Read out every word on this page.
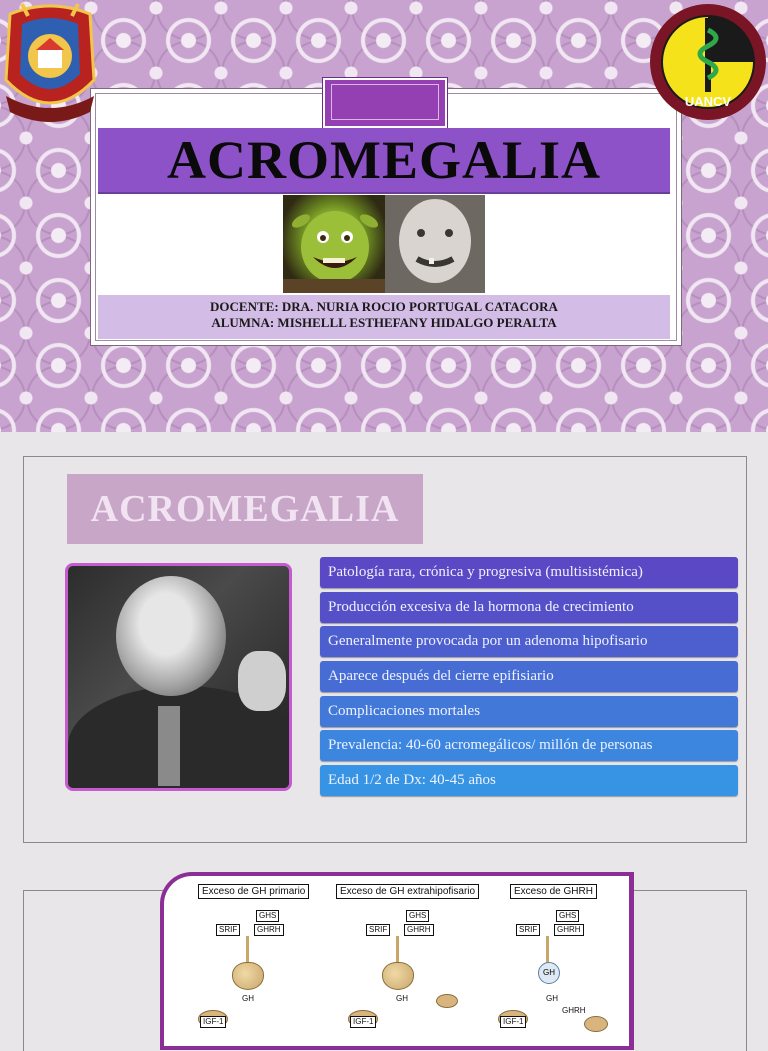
ACROMEGALIA
DOCENTE: DRA. NURIA ROCIO PORTUGAL CATACORA
ALUMNA: MISHELLL ESTHEFANY HIDALGO PERALTA
UANCV
ACROMEGALIA
Patología rara, crónica y progresiva (multisistémica)
Producción excesiva de la hormona de crecimiento
Generalmente provocada por un adenoma hipofisario
Aparece después del cierre epifisiario
Complicaciones mortales
Prevalencia: 40-60 acromegálicos/ millón de personas
Edad 1/2 de Dx: 40-45 años
Exceso de GH primario
GHS
SRIF	GHRH
GH
IGF-1
Exceso de GH extrahipofisario
GHS
SRIF	GHRH
GH
IGF-1
Exceso de GHRH
GHS
SRIF	GHRH
GH
GH
GHRH
IGF-1
